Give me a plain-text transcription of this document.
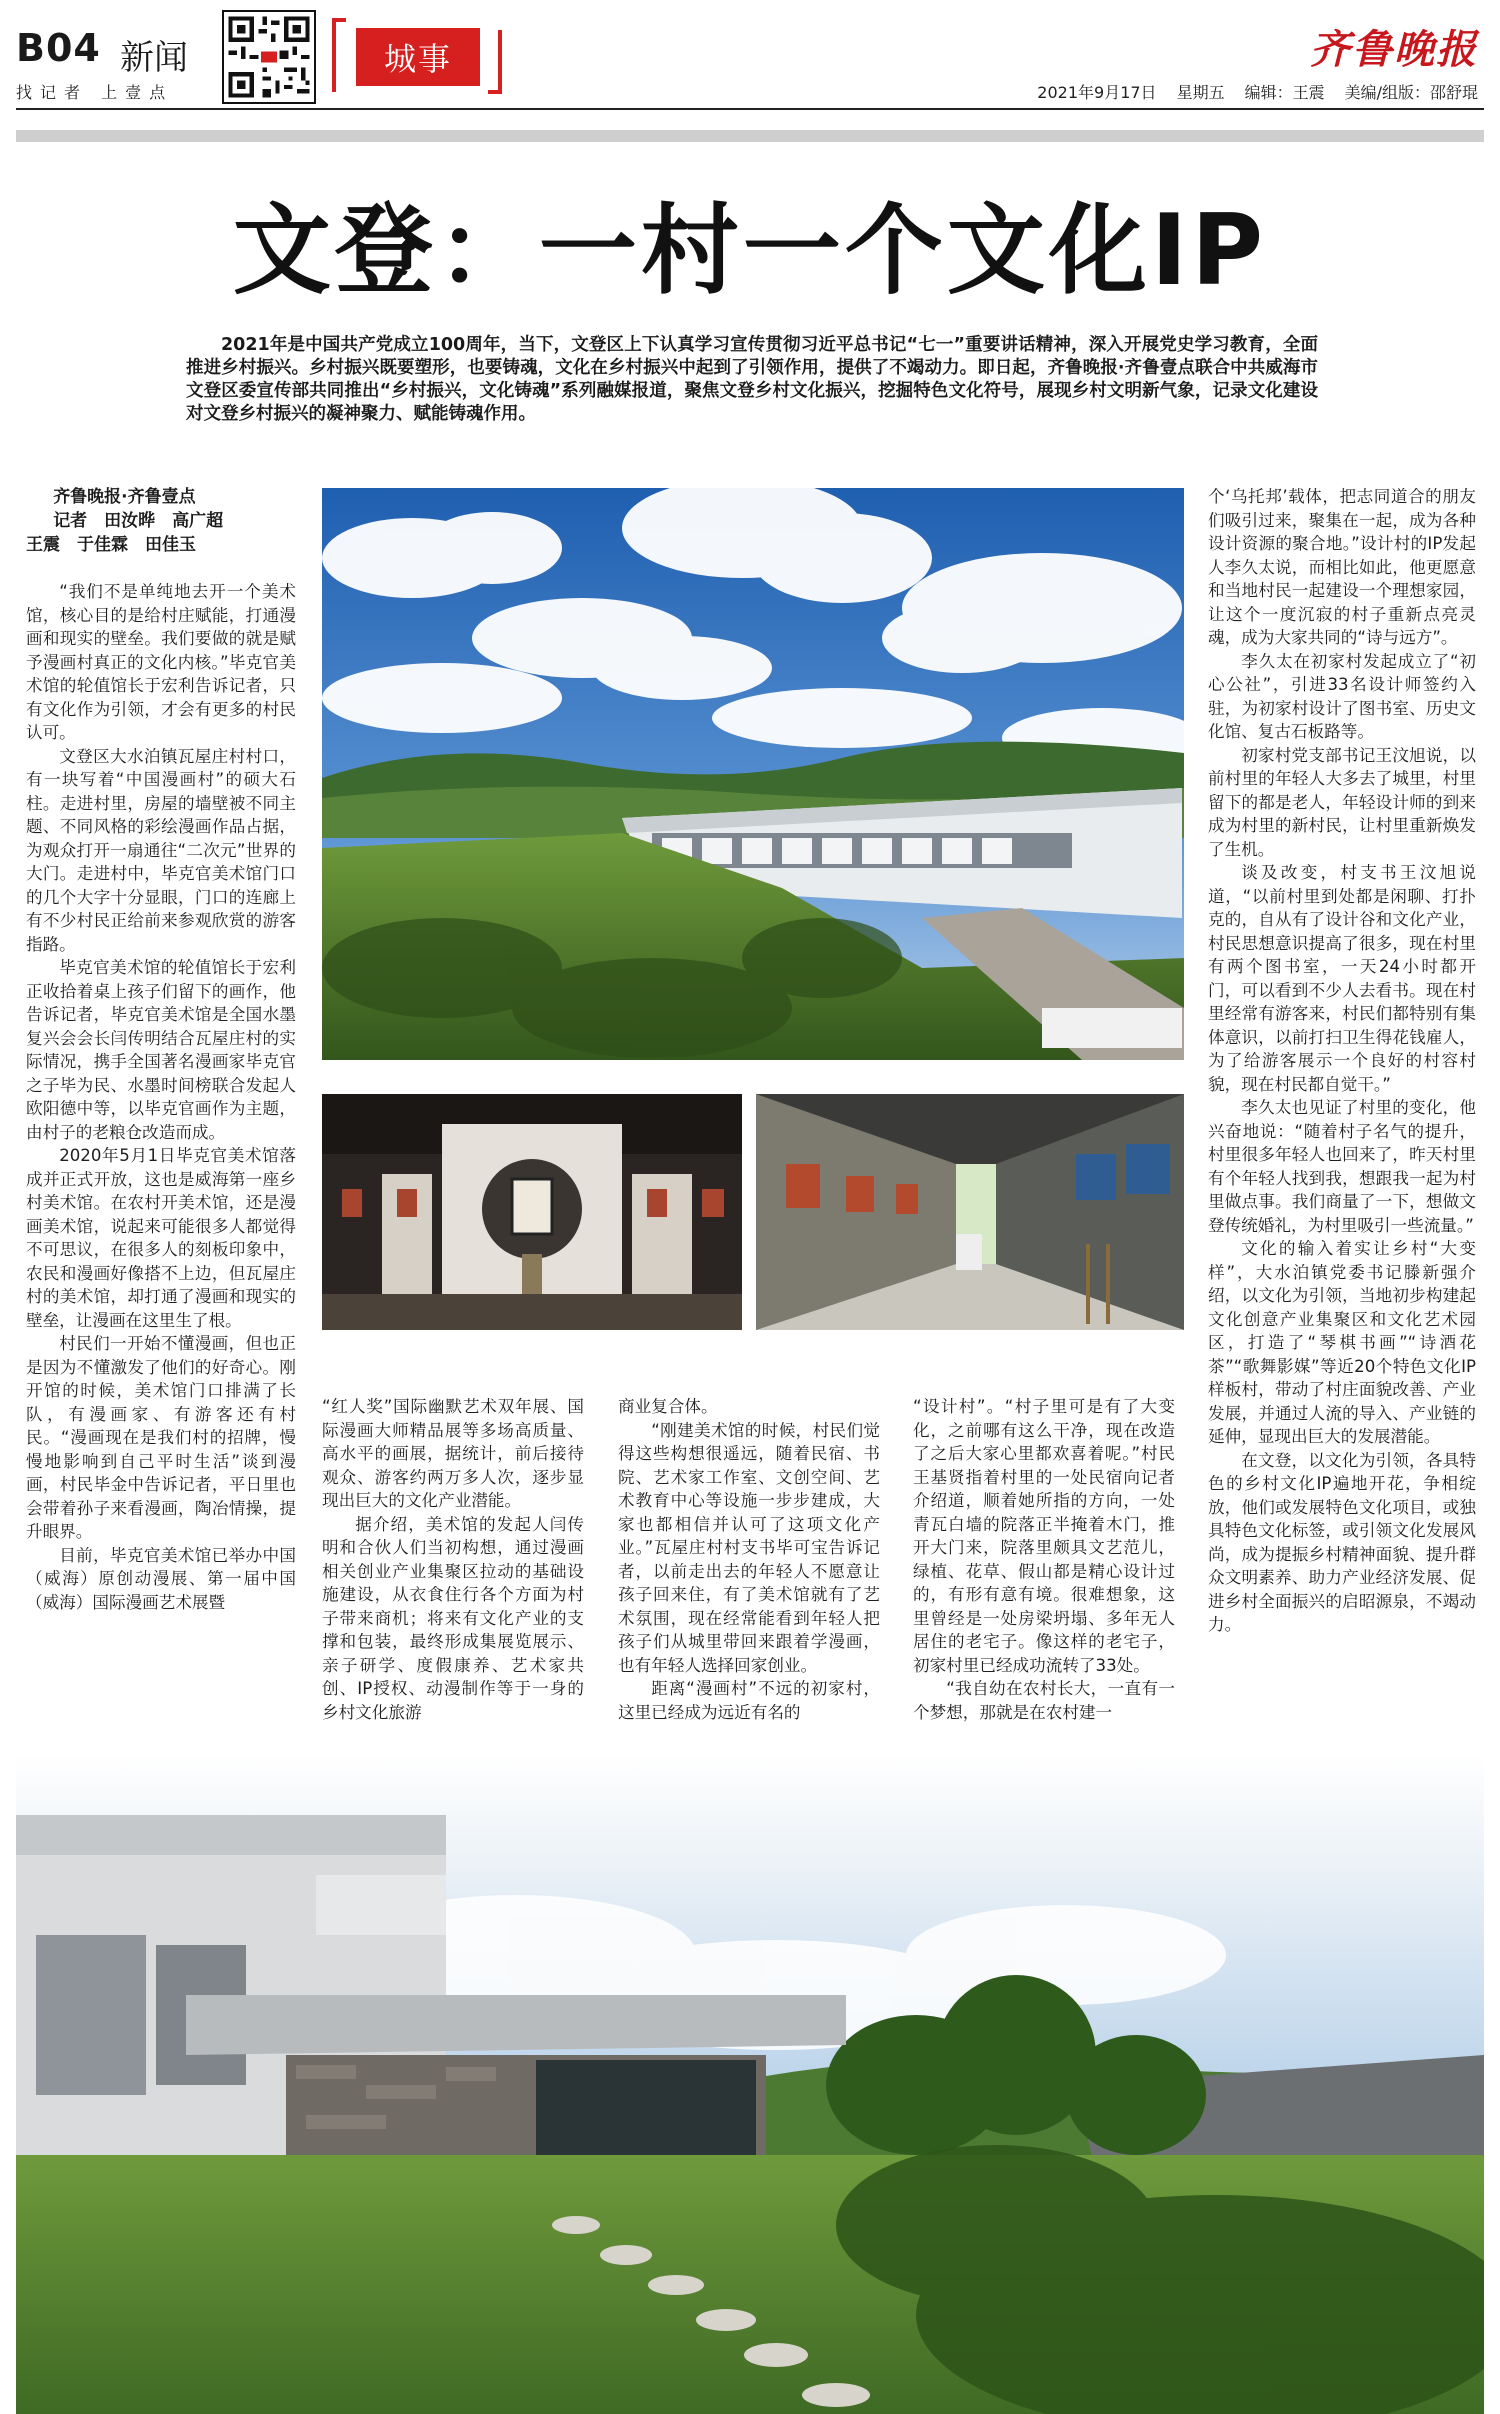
B04 新闻
找记者 上壹点
城事	齐鲁晚报
2021年9月17日 星期五 编辑：王震 美编/组版：邵舒琨
文登：一村一个文化IP
2021年是中国共产党成立100周年，当下，文登区上下认真学习宣传贯彻习近平总书记“七一”重要讲话精神，深入开展党史学习教育，全面推进乡村振兴。乡村振兴既要塑形，也要铸魂，文化在乡村振兴中起到了引领作用，提供了不竭动力。即日起，齐鲁晚报·齐鲁壹点联合中共威海市文登区委宣传部共同推出“乡村振兴，文化铸魂”系列融媒报道，聚焦文登乡村文化振兴，挖掘特色文化符号，展现乡村文明新气象，记录文化建设对文登乡村振兴的凝神聚力、赋能铸魂作用。
齐鲁晚报·齐鲁壹点
记者　田汝晔　高广超
王震　于佳霖　田佳玉

“我们不是单纯地去开一个美术馆，核心目的是给村庄赋能，打通漫画和现实的壁垒。我们要做的就是赋予漫画村真正的文化内核。”毕克官美术馆的轮值馆长于宏利告诉记者，只有文化作为引领，才会有更多的村民认可。

文登区大水泊镇瓦屋庄村村口，有一块写着“中国漫画村”的硕大石柱。走进村里，房屋的墙壁被不同主题、不同风格的彩绘漫画作品占据，为观众打开一扇通往“二次元”世界的大门。走进村中，毕克官美术馆门口的几个大字十分显眼，门口的连廊上有不少村民正给前来参观欣赏的游客指路。

毕克官美术馆的轮值馆长于宏利正收拾着桌上孩子们留下的画作，他告诉记者，毕克官美术馆是全国水墨复兴会会长闫传明结合瓦屋庄村的实际情况，携手全国著名漫画家毕克官之子毕为民、水墨时间榜联合发起人欧阳德中等，以毕克官画作为主题，由村子的老粮仓改造而成。

2020年5月1日毕克官美术馆落成并正式开放，这也是威海第一座乡村美术馆。在农村开美术馆，还是漫画美术馆，说起来可能很多人都觉得不可思议，在很多人的刻板印象中，农民和漫画好像搭不上边，但瓦屋庄村的美术馆，却打通了漫画和现实的壁垒，让漫画在这里生了根。

村民们一开始不懂漫画，但也正是因为不懂激发了他们的好奇心。刚开馆的时候，美术馆门口排满了长队，有漫画家、有游客还有村民。“漫画现在是我们村的招牌，慢慢地影响到自己平时生活”谈到漫画，村民毕金中告诉记者，平日里也会带着孙子来看漫画，陶冶情操，提升眼界。

目前，毕克官美术馆已举办中国（威海）原创动漫展、第一届中国（威海）国际漫画艺术展暨

“红人奖”国际幽默艺术双年展、国际漫画大师精品展等多场高质量、高水平的画展，据统计，前后接待观众、游客约两万多人次，逐步显现出巨大的文化产业潜能。

据介绍，美术馆的发起人闫传明和合伙人们当初构想，通过漫画相关创业产业集聚区拉动的基础设施建设，从衣食住行各个方面为村子带来商机；将来有文化产业的支撑和包装，最终形成集展览展示、亲子研学、度假康养、艺术家共创、IP授权、动漫制作等于一身的乡村文化旅游

商业复合体。

“刚建美术馆的时候，村民们觉得这些构想很遥远，随着民宿、书院、艺术家工作室、文创空间、艺术教育中心等设施一步步建成，大家也都相信并认可了这项文化产业。”瓦屋庄村村支书毕可宝告诉记者，以前走出去的年轻人不愿意让孩子回来住，有了美术馆就有了艺术氛围，现在经常能看到年轻人把孩子们从城里带回来跟着学漫画，也有年轻人选择回家创业。

距离“漫画村”不远的初家村，这里已经成为远近有名的

“设计村”。“村子里可是有了大变化，之前哪有这么干净，现在改造了之后大家心里都欢喜着呢。”村民王基贤指着村里的一处民宿向记者介绍道，顺着她所指的方向，一处青瓦白墙的院落正半掩着木门，推开大门来，院落里颇具文艺范儿，绿植、花草、假山都是精心设计过的，有形有意有境。很难想象，这里曾经是一处房梁坍塌、多年无人居住的老宅子。像这样的老宅子，初家村里已经成功流转了33处。

“我自幼在农村长大，一直有一个梦想，那就是在农村建一

个‘乌托邦’载体，把志同道合的朋友们吸引过来，聚集在一起，成为各种设计资源的聚合地。”设计村的IP发起人李久太说，而相比如此，他更愿意和当地村民一起建设一个理想家园，让这个一度沉寂的村子重新点亮灵魂，成为大家共同的“诗与远方”。

李久太在初家村发起成立了“初心公社”，引进33名设计师签约入驻，为初家村设计了图书室、历史文化馆、复古石板路等。

初家村党支部书记王汶旭说，以前村里的年轻人大多去了城里，村里留下的都是老人，年轻设计师的到来成为村里的新村民，让村里重新焕发了生机。

谈及改变，村支书王汶旭说道，“以前村里到处都是闲聊、打扑克的，自从有了设计谷和文化产业，村民思想意识提高了很多，现在村里有两个图书室，一天24小时都开门，可以看到不少人去看书。现在村里经常有游客来，村民们都特别有集体意识，以前打扫卫生得花钱雇人，为了给游客展示一个良好的村容村貌，现在村民都自觉干。”

李久太也见证了村里的变化，他兴奋地说：“随着村子名气的提升，村里很多年轻人也回来了，昨天村里有个年轻人找到我，想跟我一起为村里做点事。我们商量了一下，想做文登传统婚礼，为村里吸引一些流量。”

文化的输入着实让乡村“大变样”，大水泊镇党委书记滕新强介绍，以文化为引领，当地初步构建起文化创意产业集聚区和文化艺术园区，打造了“琴棋书画”“诗酒花茶”“歌舞影媒”等近20个特色文化IP样板村，带动了村庄面貌改善、产业发展，并通过人流的导入、产业链的延伸，显现出巨大的发展潜能。

在文登，以文化为引领，各具特色的乡村文化IP遍地开花，争相绽放，他们或发展特色文化项目，或独具特色文化标签，或引领文化发展风尚，成为提振乡村精神面貌、提升群众文明素养、助力产业经济发展、促进乡村全面振兴的启昭源泉，不竭动力。
